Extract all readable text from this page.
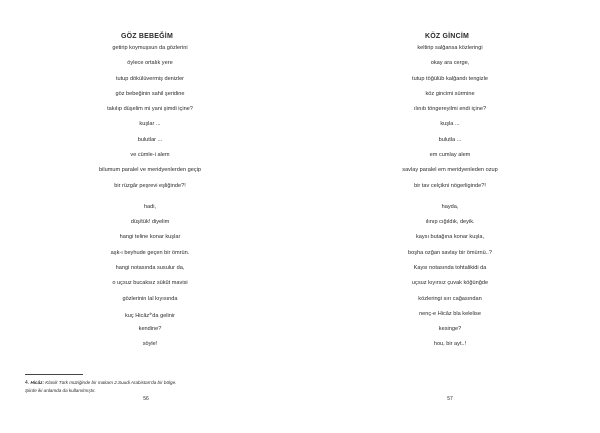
GÖZ BEBEĞİM
getirip koymuşsun da gözlerini
öylece ortalık yere
tutup dökülüvermiş denizler
göz bebeğinin sahil şeridine
takılıp düşelim mi yani şimdi içine?
kuşlar ...
bulutlar ...
ve cümle-i alem
bilumum paralel ve meridyenlerden geçip
bir rüzgâr peşrevi eşliğinde?!
hadi,
düş/tük! diyelim
hangi teline konar kuşlar
aşk-ı beyhude geçen bir ömrün.
hangi notasında susulur da,
o uçsuz bucaksız sükût mavisi
gözlerinin lal kıyısında
kuç Hicâz$^4$'da gelinir
kendine?
söyle!
4. Hicâz: Klasik Türk müziğinde bir makam 2.Suudi Arabistan'da bir bölge.
Şiirde iki anlamda da kullanılmıştır.
56
KÖZ GİNCİM
keltirip salğansa közleringi
okay ara cerge,
tutup töğülüb kalğandı tengizle
köz gincimi sürmine
ılınıb töngereyilmi endi içine?
kuşla ...
bulutla ...
em cumlay alem
savlay paralel em meridyenleden ozup
bir tav celçikni nögerliginde?!
hayda,
ılınıp cığıldık, deyik.
kaysı butağına konar kuşla,
boşha ozğan savlay bir ömürnü..?
Kaysı notasında tohtalikidi da
uçsuz kıyırsız çuvak köğünğde
közleringi sırı cağasından
nenç-e Hicâz bla kelelise
kesinge?
hou, bir ayt..!
57
